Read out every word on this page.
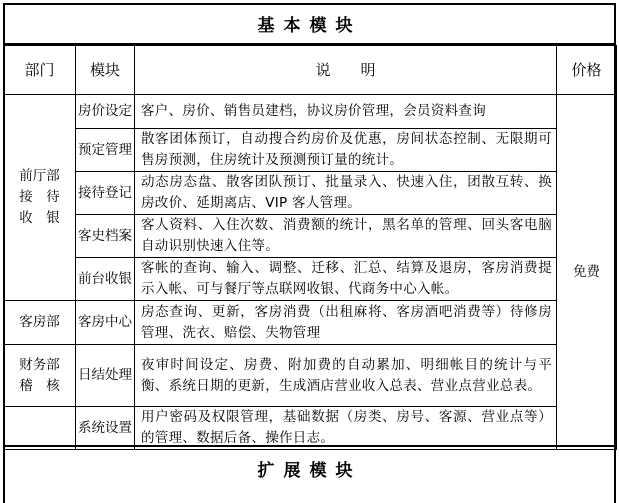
基本模块
部门	模块	说　　明	价格
前厅部
接　待
收　银	房价设定	客户、房价、销售员建档，协议房价管理，会员资料查询	免费
	预定管理	散客团体预订，自动搜合约房价及优惠，房间状态控制、无限期可售房预测，住房统计及预测预订量的统计。	
	接待登记	动态房态盘、散客团队预订、批量录入、快速入住，团散互转、换房改价、延期离店、VIP 客人管理。	
	客史档案	客人资料、入住次数、消费额的统计，黑名单的管理、回头客电脑自动识别快速入住等。	
	前台收银	客帐的查询、输入、调整、迁移、汇总、结算及退房，客房消费提示入帐、可与餐厅等点联网收银、代商务中心入帐。	
客房部	客房中心	房态查询、更新，客房消费（出租麻将、客房酒吧消费等）待修房管理、洗衣、赔偿、失物管理	
财务部
稽　核	日结处理	夜审时间设定、房费、附加费的自动累加、明细帐目的统计与平衡、系统日期的更新，生成酒店营业收入总表、营业点营业总表。	
	系统设置	用户密码及权限管理，基础数据（房类、房号、客源、营业点等）的管理、数据后备、操作日志。	
扩展模块
